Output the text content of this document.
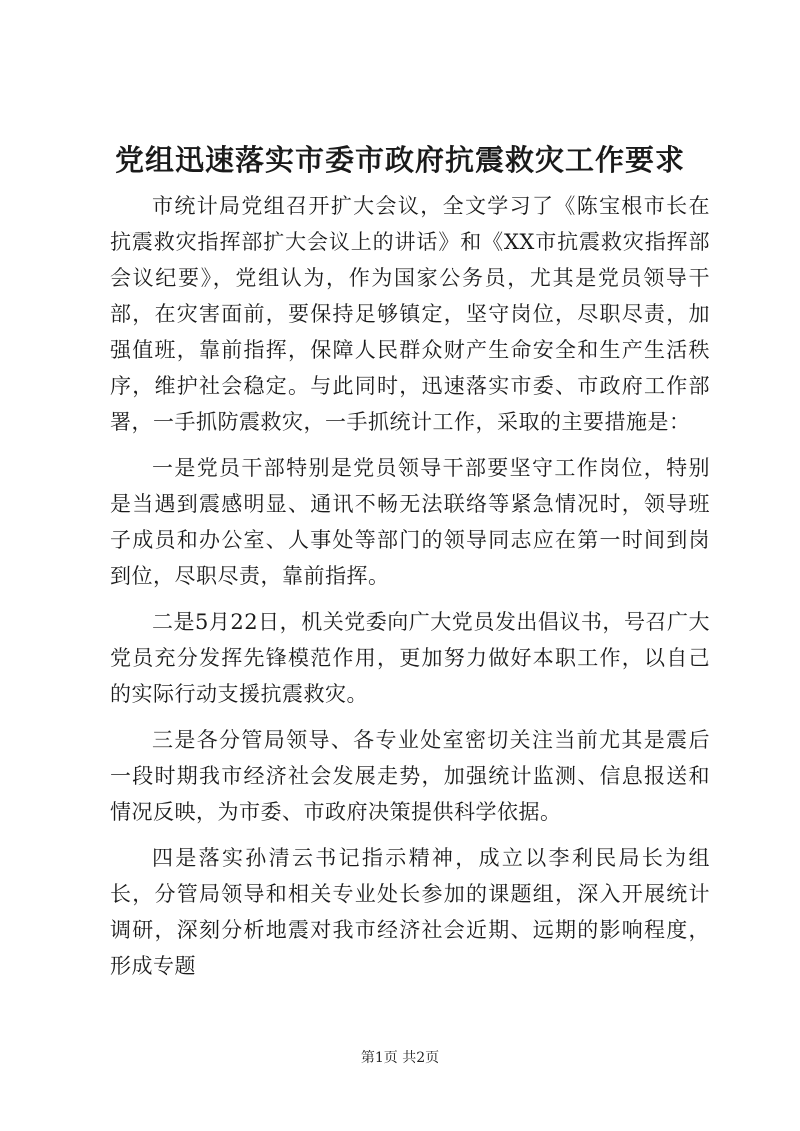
党组迅速落实市委市政府抗震救灾工作要求

市统计局党组召开扩大会议，全文学习了《陈宝根市长在抗震救灾指挥部扩大会议上的讲话》和《XX市抗震救灾指挥部会议纪要》，党组认为，作为国家公务员，尤其是党员领导干部，在灾害面前，要保持足够镇定，坚守岗位，尽职尽责，加强值班，靠前指挥，保障人民群众财产生命安全和生产生活秩序，维护社会稳定。与此同时，迅速落实市委、市政府工作部署，一手抓防震救灾，一手抓统计工作，采取的主要措施是：

一是党员干部特别是党员领导干部要坚守工作岗位，特别是当遇到震感明显、通讯不畅无法联络等紧急情况时，领导班子成员和办公室、人事处等部门的领导同志应在第一时间到岗到位，尽职尽责，靠前指挥。

二是5月22日，机关党委向广大党员发出倡议书，号召广大党员充分发挥先锋模范作用，更加努力做好本职工作，以自己的实际行动支援抗震救灾。

三是各分管局领导、各专业处室密切关注当前尤其是震后一段时期我市经济社会发展走势，加强统计监测、信息报送和情况反映，为市委、市政府决策提供科学依据。

四是落实孙清云书记指示精神，成立以李利民局长为组长，分管局领导和相关专业处长参加的课题组，深入开展统计调研，深刻分析地震对我市经济社会近期、远期的影响程度，形成专题

第1页 共2页
